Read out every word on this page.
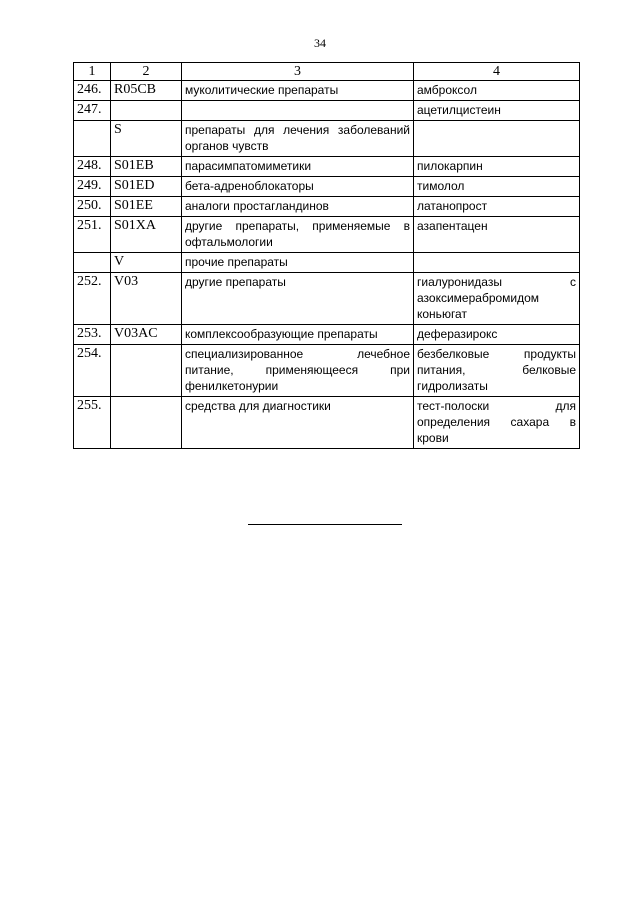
34
1	2	3	4
246.	R05CB	муколитические препараты	амброксол
247.			ацетилцистеин
	S	препараты для лечения заболеваний органов чувств	
248.	S01EB	парасимпатомиметики	пилокарпин
249.	S01ED	бета-адреноблокаторы	тимолол
250.	S01EE	аналоги простагландинов	латанопрост
251.	S01XA	другие препараты, применяемые в офтальмологии	азапентацен
	V	прочие препараты	
252.	V03	другие препараты	гиалуронидазы с азоксимерабромидом коньюгат
253.	V03AC	комплексообразующие препараты	деферазирокс
254.		специализированное лечебное питание, применяющееся при фенилкетонурии	безбелковые продукты питания, белковые гидролизаты
255.		средства для диагностики	тест-полоски для определения сахара в крови
